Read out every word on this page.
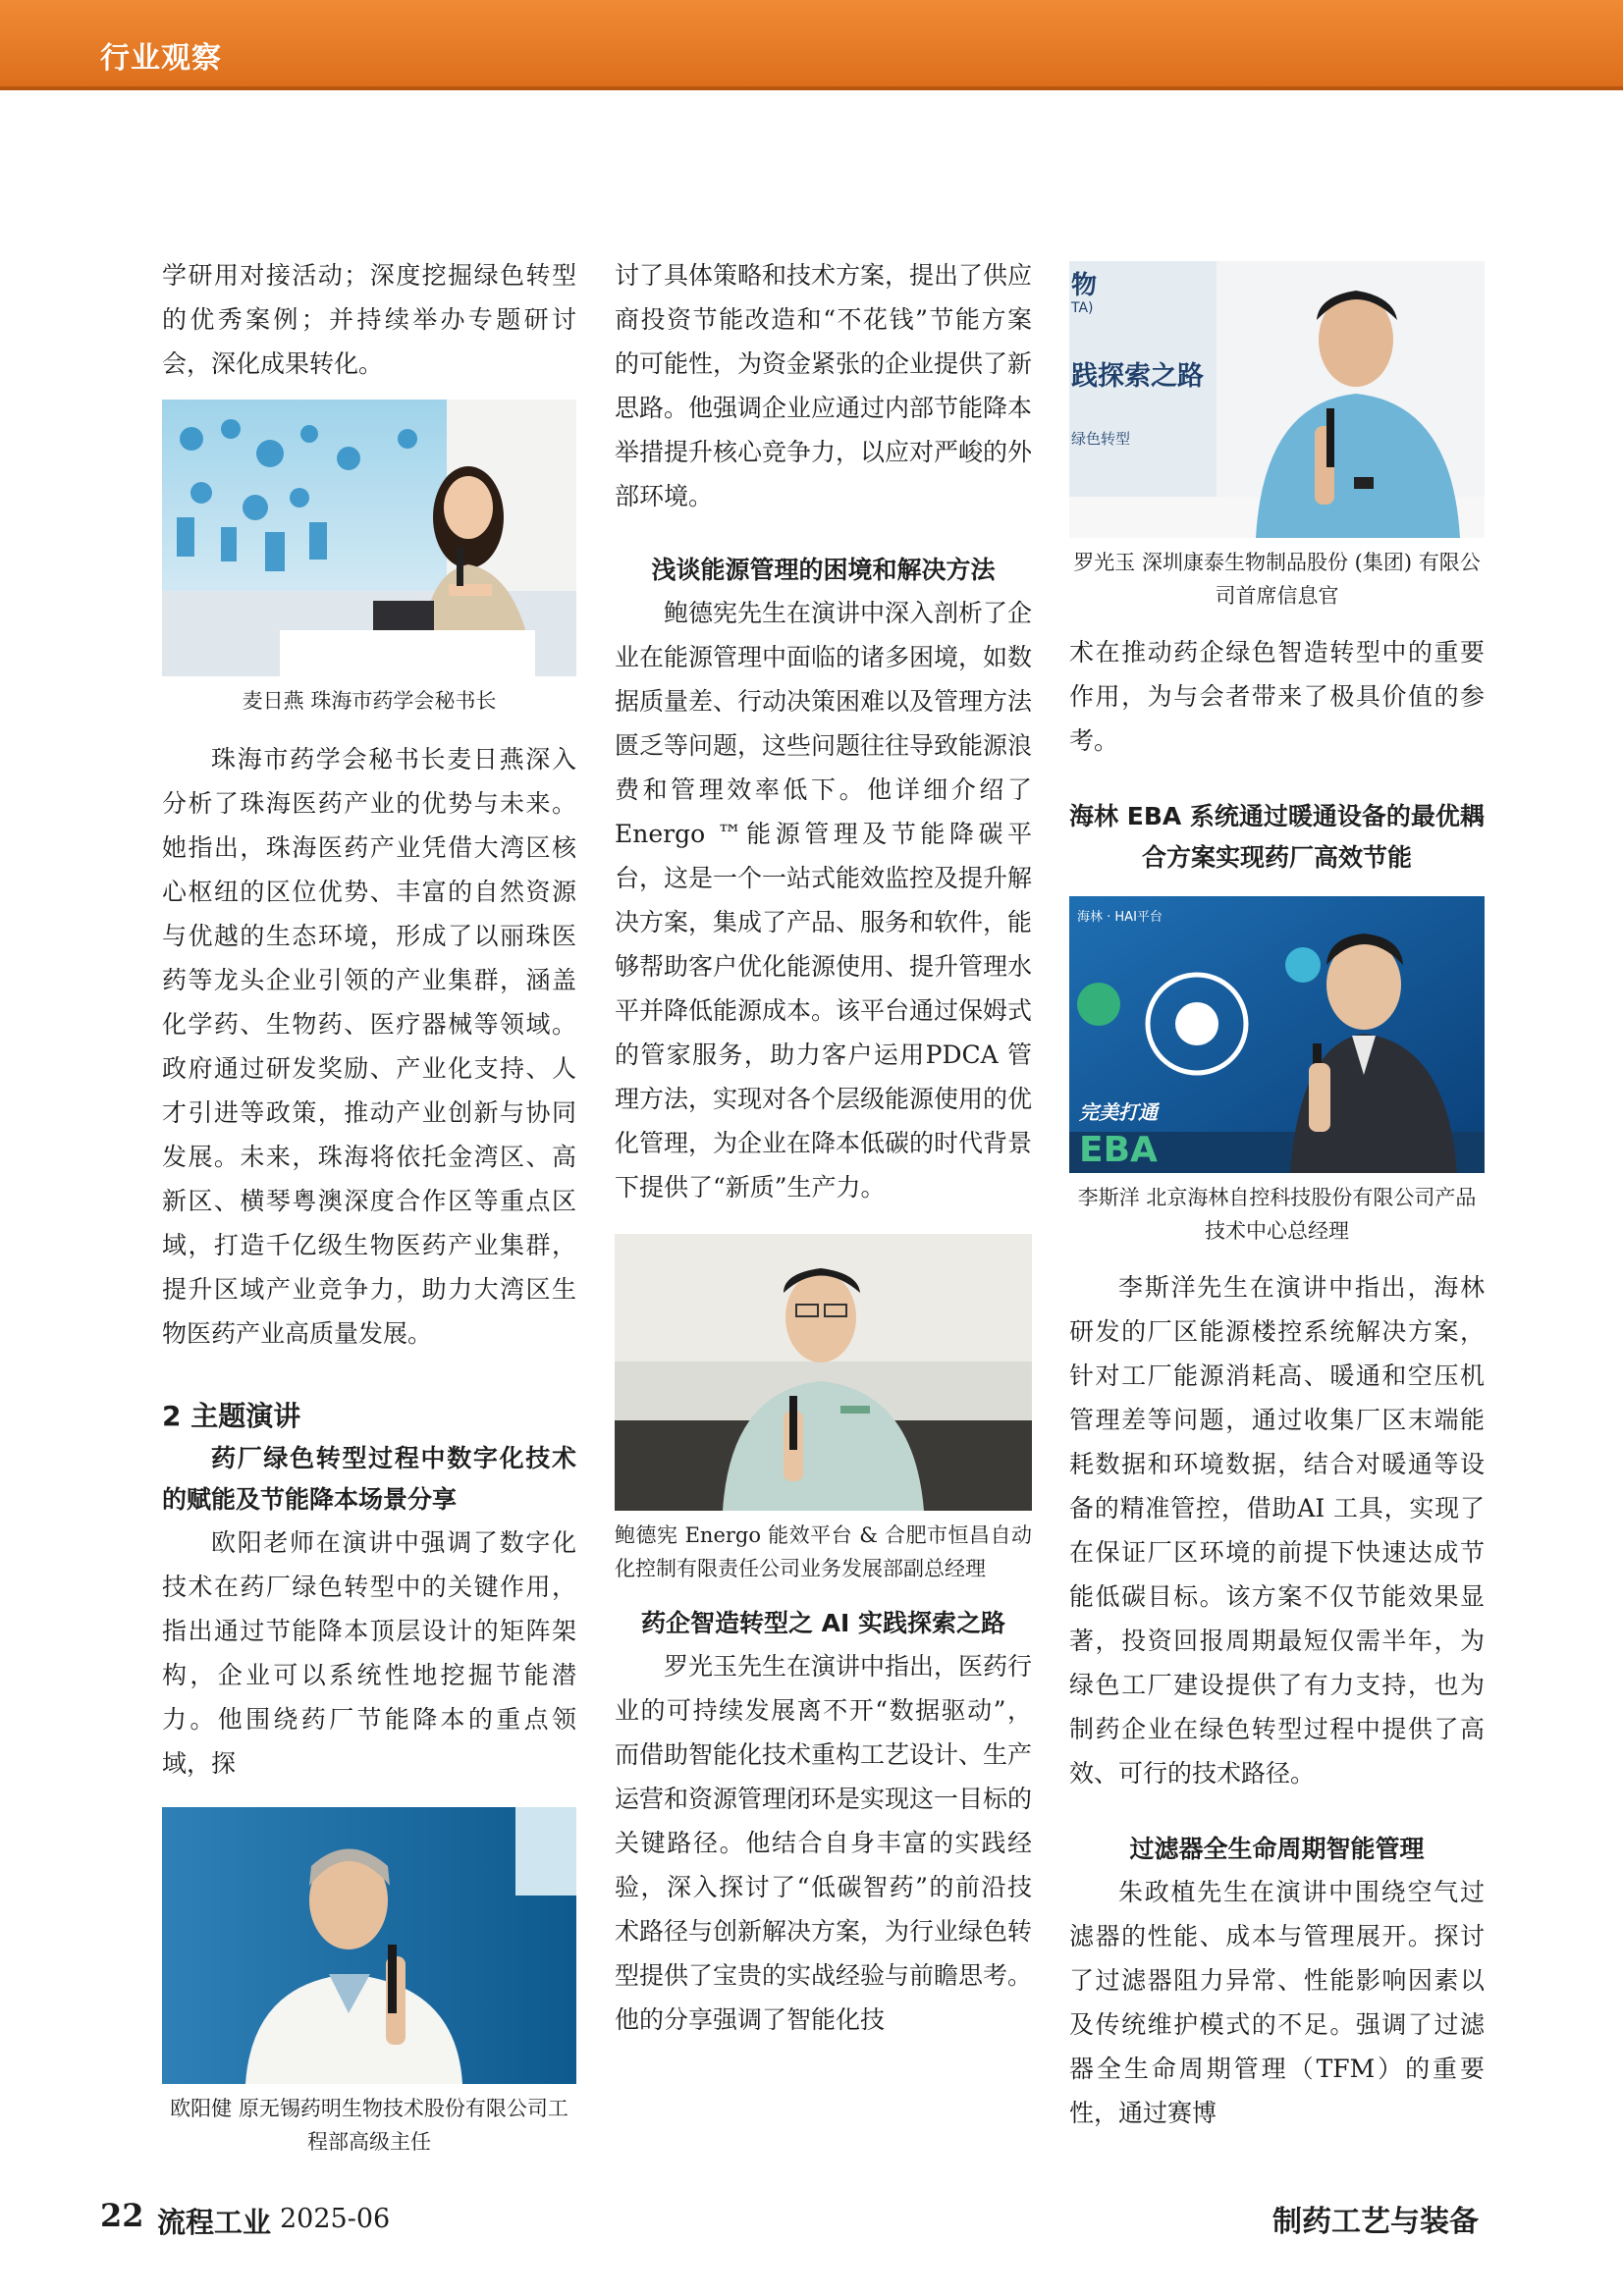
行业观察

学研用对接活动；深度挖掘绿色转型的优秀案例；并持续举办专题研讨会，深化成果转化。

麦日燕 珠海市药学会秘书长

珠海市药学会秘书长麦日燕深入分析了珠海医药产业的优势与未来。她指出，珠海医药产业凭借大湾区核心枢纽的区位优势、丰富的自然资源与优越的生态环境，形成了以丽珠医药等龙头企业引领的产业集群，涵盖化学药、生物药、医疗器械等领域。政府通过研发奖励、产业化支持、人才引进等政策，推动产业创新与协同发展。未来，珠海将依托金湾区、高新区、横琴粤澳深度合作区等重点区域，打造千亿级生物医药产业集群，提升区域产业竞争力，助力大湾区生物医药产业高质量发展。

2 主题演讲

药厂绿色转型过程中数字化技术的赋能及节能降本场景分享

欧阳老师在演讲中强调了数字化技术在药厂绿色转型中的关键作用，指出通过节能降本顶层设计的矩阵架构，企业可以系统性地挖掘节能潜力。他围绕药厂节能降本的重点领域，探

欧阳健 原无锡药明生物技术股份有限公司工程部高级主任

讨了具体策略和技术方案，提出了供应商投资节能改造和“不花钱”节能方案的可能性，为资金紧张的企业提供了新思路。他强调企业应通过内部节能降本举措提升核心竞争力，以应对严峻的外部环境。

浅谈能源管理的困境和解决方法

鲍德宪先生在演讲中深入剖析了企业在能源管理中面临的诸多困境，如数据质量差、行动决策困难以及管理方法匮乏等问题，这些问题往往导致能源浪费和管理效率低下。他详细介绍了Energo ™能源管理及节能降碳平台，这是一个一站式能效监控及提升解决方案，集成了产品、服务和软件，能够帮助客户优化能源使用、提升管理水平并降低能源成本。该平台通过保姆式的管家服务，助力客户运用PDCA 管理方法，实现对各个层级能源使用的优化管理，为企业在降本低碳的时代背景下提供了“新质”生产力。

鲍德宪 Energo 能效平台 & 合肥市恒昌自动化控制有限责任公司业务发展部副总经理

药企智造转型之 AI 实践探索之路

罗光玉先生在演讲中指出，医药行业的可持续发展离不开“数据驱动”，而借助智能化技术重构工艺设计、生产运营和资源管理闭环是实现这一目标的关键路径。他结合自身丰富的实践经验，深入探讨了“低碳智药”的前沿技术路径与创新解决方案，为行业绿色转型提供了宝贵的实战经验与前瞻思考。他的分享强调了智能化技

物
TA)
践探索之路
绿色转型

罗光玉 深圳康泰生物制品股份 (集团) 有限公司首席信息官

术在推动药企绿色智造转型中的重要作用，为与会者带来了极具价值的参考。

海林 EBA 系统通过暖通设备的最优耦合方案实现药厂高效节能

海林 · HAI平台
完美打通
EBA

李斯洋 北京海林自控科技股份有限公司产品技术中心总经理

李斯洋先生在演讲中指出，海林研发的厂区能源楼控系统解决方案，针对工厂能源消耗高、暖通和空压机管理差等问题，通过收集厂区末端能耗数据和环境数据，结合对暖通等设备的精准管控，借助AI 工具，实现了在保证厂区环境的前提下快速达成节能低碳目标。该方案不仅节能效果显著，投资回报周期最短仅需半年，为绿色工厂建设提供了有力支持，也为制药企业在绿色转型过程中提供了高效、可行的技术路径。

过滤器全生命周期智能管理

朱政植先生在演讲中围绕空气过滤器的性能、成本与管理展开。探讨了过滤器阻力异常、性能影响因素以及传统维护模式的不足。强调了过滤器全生命周期管理（TFM）的重要性，通过赛博

22 流程工业 2025-06	制药工艺与装备
